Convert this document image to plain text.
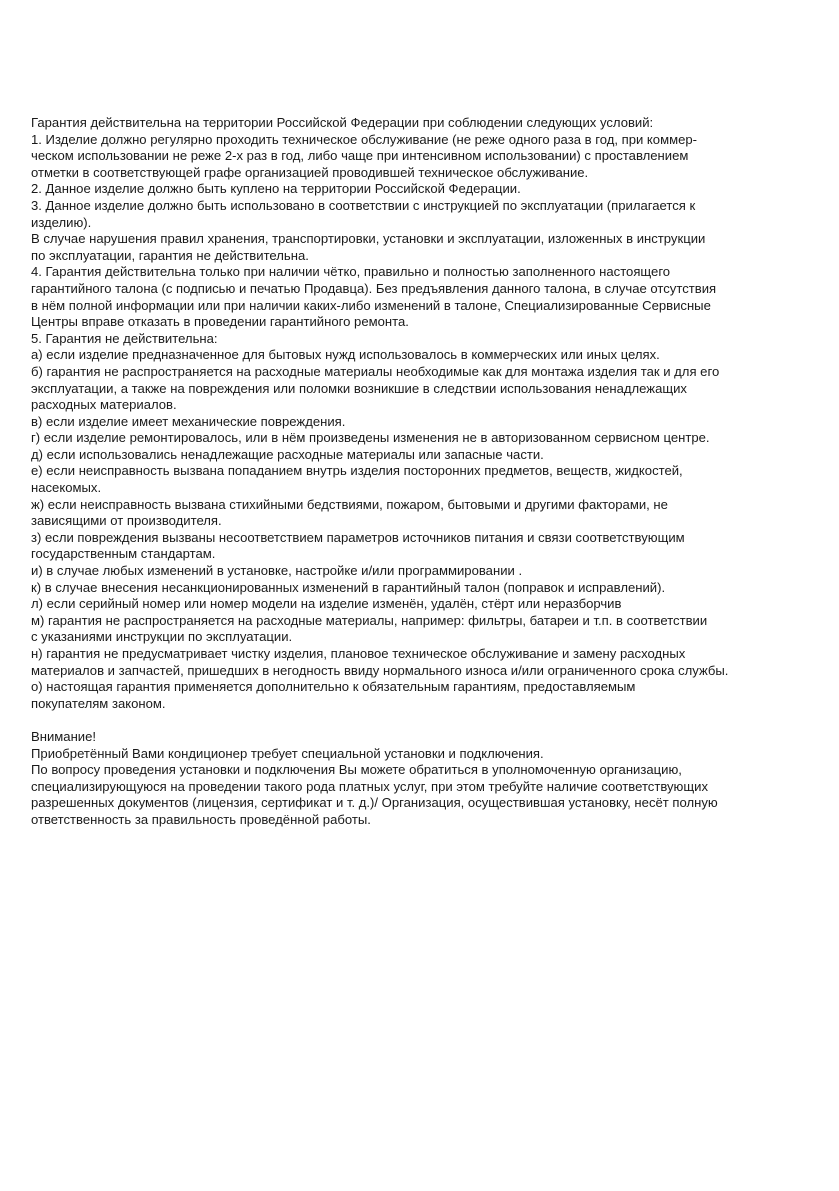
Гарантия действительна на территории Российской Федерации при соблюдении следующих условий:
1. Изделие должно регулярно проходить техническое обслуживание (не реже одного раза в год, при коммер-
ческом использовании не реже 2-х раз в год, либо чаще при интенсивном использовании) с проставлением
отметки в соответствующей графе организацией проводившей техническое обслуживание.
2. Данное изделие должно быть куплено на территории Российской Федерации.
3. Данное изделие должно быть использовано в соответствии с инструкцией по эксплуатации (прилагается к
изделию).
В случае нарушения правил хранения, транспортировки, установки и эксплуатации, изложенных в инструкции
по эксплуатации, гарантия не действительна.
4. Гарантия действительна только при наличии чётко, правильно и полностью заполненного настоящего
гарантийного талона (с подписью и печатью Продавца). Без предъявления данного талона, в случае отсутствия
в нём полной информации или при наличии каких-либо изменений в талоне, Специализированные Сервисные
Центры вправе отказать в проведении гарантийного ремонта.
5. Гарантия не действительна:
а) если изделие предназначенное для бытовых нужд использовалось в коммерческих или иных целях.
б) гарантия не распространяется на расходные материалы необходимые как для монтажа изделия так и для его
эксплуатации, а также на повреждения или поломки возникшие в следствии использования ненадлежащих
расходных материалов.
в) если изделие имеет механические повреждения.
г) если изделие ремонтировалось, или в нём произведены изменения не в авторизованном сервисном центре.
д) если использовались ненадлежащие расходные материалы или запасные части.
е) если неисправность вызвана попаданием внутрь изделия посторонних предметов, веществ, жидкостей,
насекомых.
ж) если неисправность вызвана стихийными бедствиями, пожаром, бытовыми и другими факторами, не
зависящими от производителя.
з) если повреждения вызваны несоответствием параметров источников питания и связи соответствующим
государственным стандартам.
и) в случае любых изменений в установке, настройке и/или программировании .
к) в случае внесения несанкционированных изменений в гарантийный талон (поправок и исправлений).
л) если серийный номер или номер модели на изделие изменён, удалён, стёрт или неразборчив
м) гарантия не распространяется на расходные материалы, например: фильтры, батареи и т.п. в соответствии
с указаниями инструкции по эксплуатации.
н) гарантия не предусматривает чистку изделия, плановое техническое обслуживание и замену расходных
материалов и запчастей, пришедших в негодность ввиду нормального износа и/или ограниченного срока службы.
о) настоящая гарантия применяется дополнительно к обязательным гарантиям, предоставляемым
покупателям законом.
Внимание!
Приобретённый Вами кондиционер требует специальной установки и подключения.
По вопросу проведения установки и подключения Вы можете обратиться в уполномоченную организацию,
специализирующуюся на проведении такого рода платных услуг, при этом требуйте наличие соответствующих
разрешенных документов (лицензия, сертификат и т. д.)/ Организация, осуществившая установку, несёт полную
ответственность за правильность проведённой работы.
